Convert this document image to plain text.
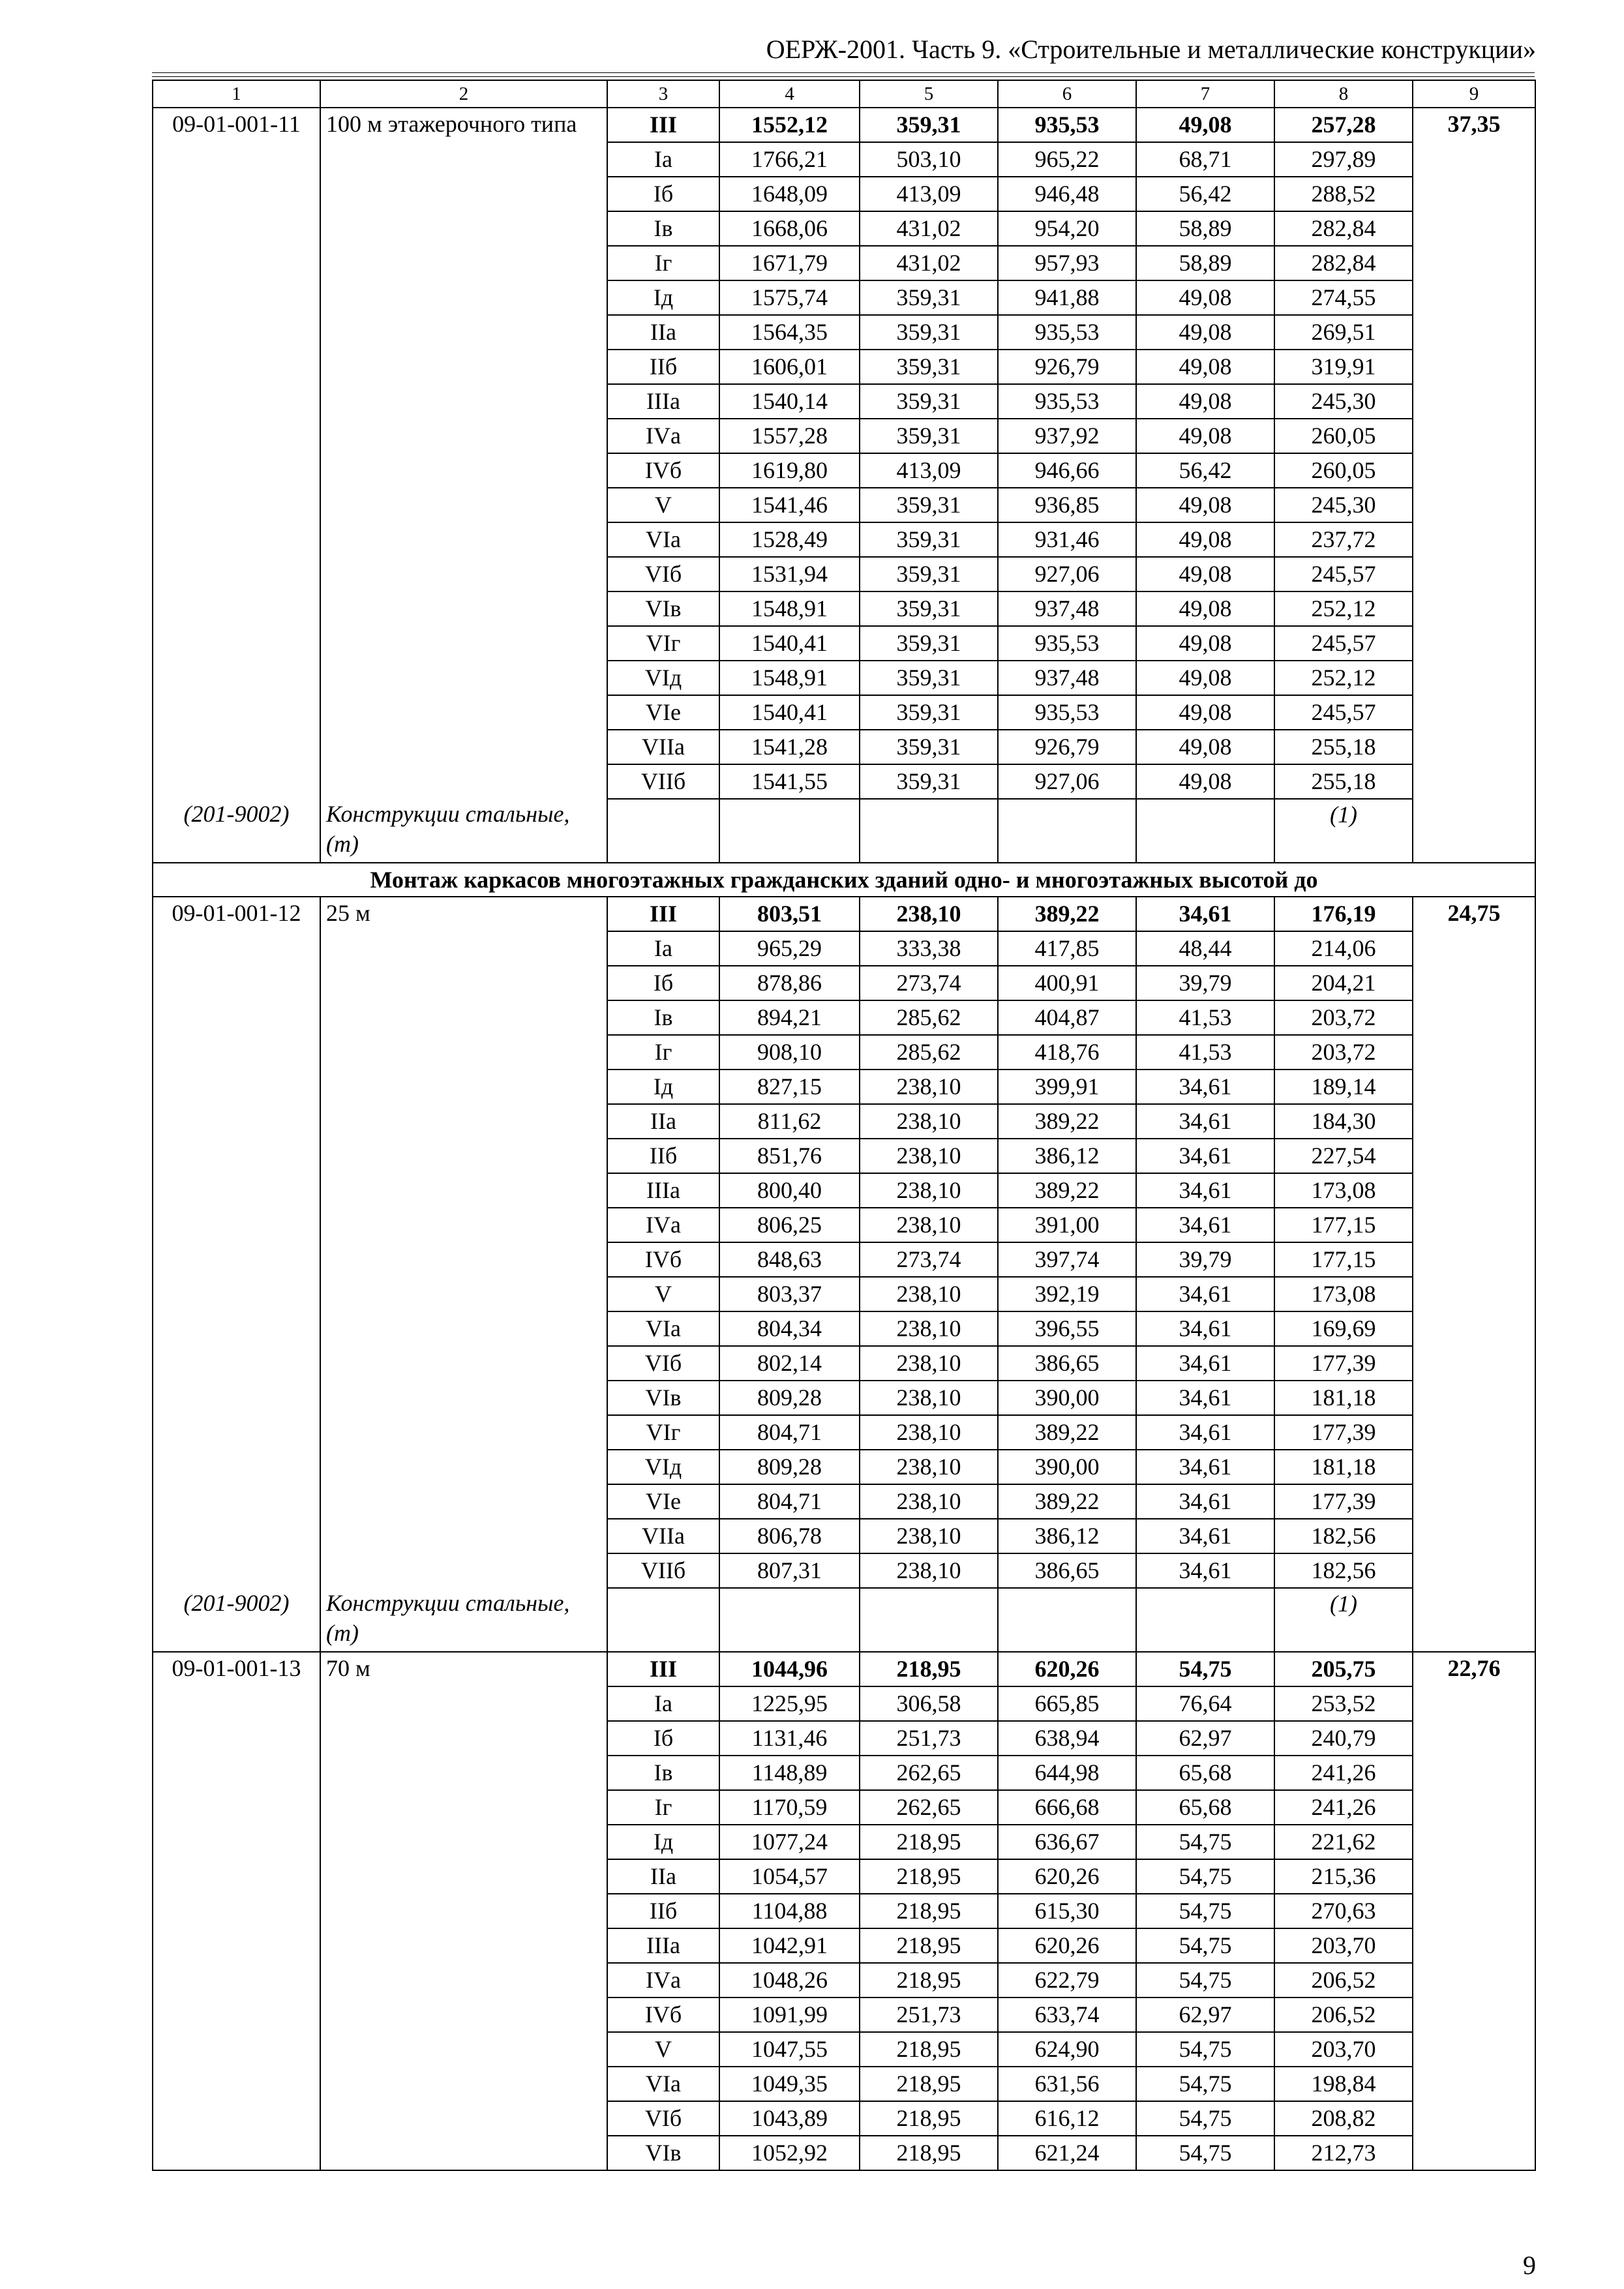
ОЕРЖ-2001. Часть 9. «Строительные и металлические конструкции»
1	2	3	4	5	6	7	8	9
09-01-001-11	100 м этажерочного типа	III	1552,12	359,31	935,53	49,08	257,28	37,35
		Iа	1766,21	503,10	965,22	68,71	297,89	
		Iб	1648,09	413,09	946,48	56,42	288,52	
		Iв	1668,06	431,02	954,20	58,89	282,84	
		Iг	1671,79	431,02	957,93	58,89	282,84	
		Iд	1575,74	359,31	941,88	49,08	274,55	
		IIа	1564,35	359,31	935,53	49,08	269,51	
		IIб	1606,01	359,31	926,79	49,08	319,91	
		IIIа	1540,14	359,31	935,53	49,08	245,30	
		IVа	1557,28	359,31	937,92	49,08	260,05	
		IVб	1619,80	413,09	946,66	56,42	260,05	
		V	1541,46	359,31	936,85	49,08	245,30	
		VIа	1528,49	359,31	931,46	49,08	237,72	
		VIб	1531,94	359,31	927,06	49,08	245,57	
		VIв	1548,91	359,31	937,48	49,08	252,12	
		VIг	1540,41	359,31	935,53	49,08	245,57	
		VIд	1548,91	359,31	937,48	49,08	252,12	
		VIе	1540,41	359,31	935,53	49,08	245,57	
		VIIа	1541,28	359,31	926,79	49,08	255,18	
		VIIб	1541,55	359,31	927,06	49,08	255,18	
(201-9002)	Конструкции стальные, (т)						(1)	
Монтаж каркасов многоэтажных гражданских зданий одно- и многоэтажных высотой до								
09-01-001-12	25 м	III	803,51	238,10	389,22	34,61	176,19	24,75
		Iа	965,29	333,38	417,85	48,44	214,06	
		Iб	878,86	273,74	400,91	39,79	204,21	
		Iв	894,21	285,62	404,87	41,53	203,72	
		Iг	908,10	285,62	418,76	41,53	203,72	
		Iд	827,15	238,10	399,91	34,61	189,14	
		IIа	811,62	238,10	389,22	34,61	184,30	
		IIб	851,76	238,10	386,12	34,61	227,54	
		IIIа	800,40	238,10	389,22	34,61	173,08	
		IVа	806,25	238,10	391,00	34,61	177,15	
		IVб	848,63	273,74	397,74	39,79	177,15	
		V	803,37	238,10	392,19	34,61	173,08	
		VIа	804,34	238,10	396,55	34,61	169,69	
		VIб	802,14	238,10	386,65	34,61	177,39	
		VIв	809,28	238,10	390,00	34,61	181,18	
		VIг	804,71	238,10	389,22	34,61	177,39	
		VIд	809,28	238,10	390,00	34,61	181,18	
		VIе	804,71	238,10	389,22	34,61	177,39	
		VIIа	806,78	238,10	386,12	34,61	182,56	
		VIIб	807,31	238,10	386,65	34,61	182,56	
(201-9002)	Конструкции стальные, (т)						(1)	
09-01-001-13	70 м	III	1044,96	218,95	620,26	54,75	205,75	22,76
		Iа	1225,95	306,58	665,85	76,64	253,52	
		Iб	1131,46	251,73	638,94	62,97	240,79	
		Iв	1148,89	262,65	644,98	65,68	241,26	
		Iг	1170,59	262,65	666,68	65,68	241,26	
		Iд	1077,24	218,95	636,67	54,75	221,62	
		IIа	1054,57	218,95	620,26	54,75	215,36	
		IIб	1104,88	218,95	615,30	54,75	270,63	
		IIIа	1042,91	218,95	620,26	54,75	203,70	
		IVа	1048,26	218,95	622,79	54,75	206,52	
		IVб	1091,99	251,73	633,74	62,97	206,52	
		V	1047,55	218,95	624,90	54,75	203,70	
		VIа	1049,35	218,95	631,56	54,75	198,84	
		VIб	1043,89	218,95	616,12	54,75	208,82	
		VIв	1052,92	218,95	621,24	54,75	212,73	
9
